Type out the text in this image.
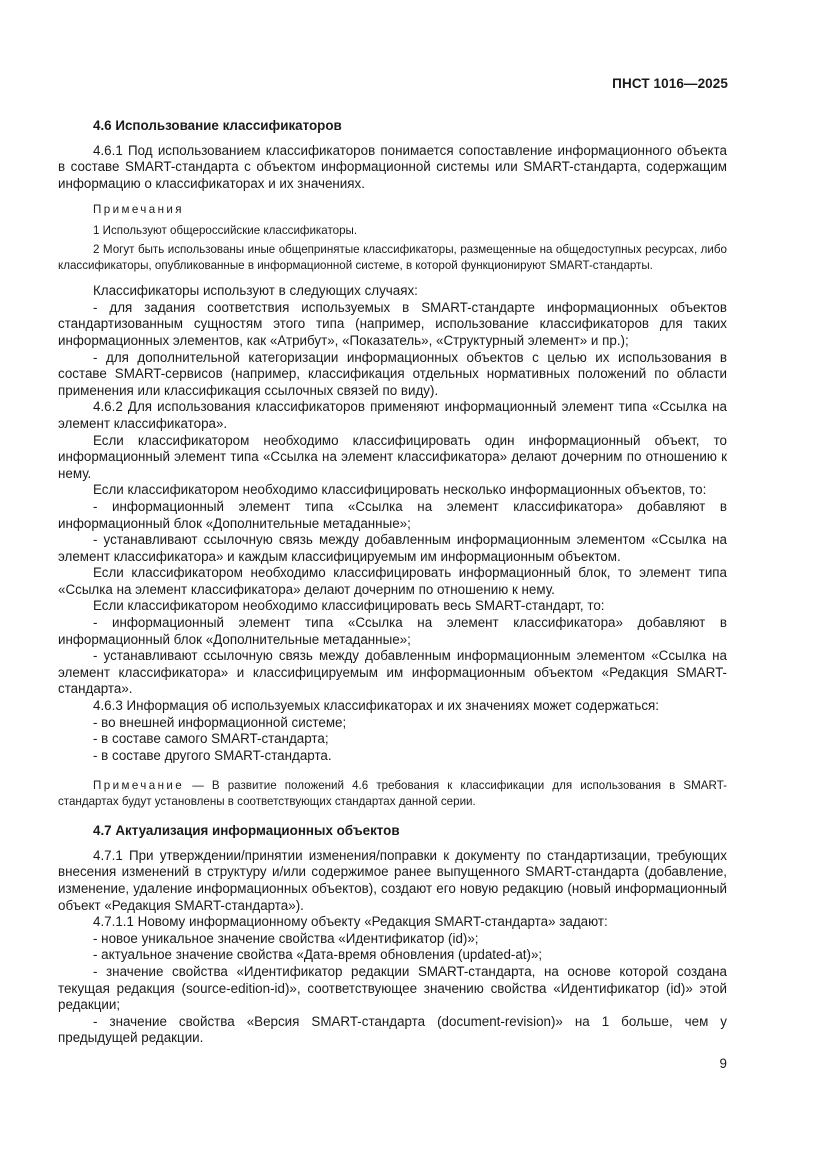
ПНСТ 1016—2025
4.6 Использование классификаторов

4.6.1 Под использованием классификаторов понимается сопоставление информационного объекта в составе SMART-стандарта с объектом информационной системы или SMART-стандарта, содержащим информацию о классификаторах и их значениях.

Примечания

1 Используют общероссийские классификаторы.

2 Могут быть использованы иные общепринятые классификаторы, размещенные на общедоступных ресурсах, либо классификаторы, опубликованные в информационной системе, в которой функционируют SMART-стандарты.

Классификаторы используют в следующих случаях:

- для задания соответствия используемых в SMART-стандарте информационных объектов стандартизованным сущностям этого типа (например, использование классификаторов для таких информационных элементов, как «Атрибут», «Показатель», «Структурный элемент» и пр.);

- для дополнительной категоризации информационных объектов с целью их использования в составе SMART-сервисов (например, классификация отдельных нормативных положений по области применения или классификация ссылочных связей по виду).

4.6.2 Для использования классификаторов применяют информационный элемент типа «Ссылка на элемент классификатора».

Если классификатором необходимо классифицировать один информационный объект, то информационный элемент типа «Ссылка на элемент классификатора» делают дочерним по отношению к нему.

Если классификатором необходимо классифицировать несколько информационных объектов, то:

- информационный элемент типа «Ссылка на элемент классификатора» добавляют в информационный блок «Дополнительные метаданные»;

- устанавливают ссылочную связь между добавленным информационным элементом «Ссылка на элемент классификатора» и каждым классифицируемым им информационным объектом.

Если классификатором необходимо классифицировать информационный блок, то элемент типа «Ссылка на элемент классификатора» делают дочерним по отношению к нему.

Если классификатором необходимо классифицировать весь SMART-стандарт, то:

- информационный элемент типа «Ссылка на элемент классификатора» добавляют в информационный блок «Дополнительные метаданные»;

- устанавливают ссылочную связь между добавленным информационным элементом «Ссылка на элемент классификатора» и классифицируемым им информационным объектом «Редакция SMART-стандарта».

4.6.3 Информация об используемых классификаторах и их значениях может содержаться:

- во внешней информационной системе;

- в составе самого SMART-стандарта;

- в составе другого SMART-стандарта.

Примечание — В развитие положений 4.6 требования к классификации для использования в SMART-стандартах будут установлены в соответствующих стандартах данной серии.

4.7 Актуализация информационных объектов

4.7.1 При утверждении/принятии изменения/поправки к документу по стандартизации, требующих внесения изменений в структуру и/или содержимое ранее выпущенного SMART-стандарта (добавление, изменение, удаление информационных объектов), создают его новую редакцию (новый информационный объект «Редакция SMART-стандарта»).

4.7.1.1 Новому информационному объекту «Редакция SMART-стандарта» задают:

- новое уникальное значение свойства «Идентификатор (id)»;

- актуальное значение свойства «Дата-время обновления (updated-at)»;

- значение свойства «Идентификатор редакции SMART-стандарта, на основе которой создана текущая редакция (source-edition-id)», соответствующее значению свойства «Идентификатор (id)» этой редакции;

- значение свойства «Версия SMART-стандарта (document-revision)» на 1 больше, чем у предыдущей редакции.

9
